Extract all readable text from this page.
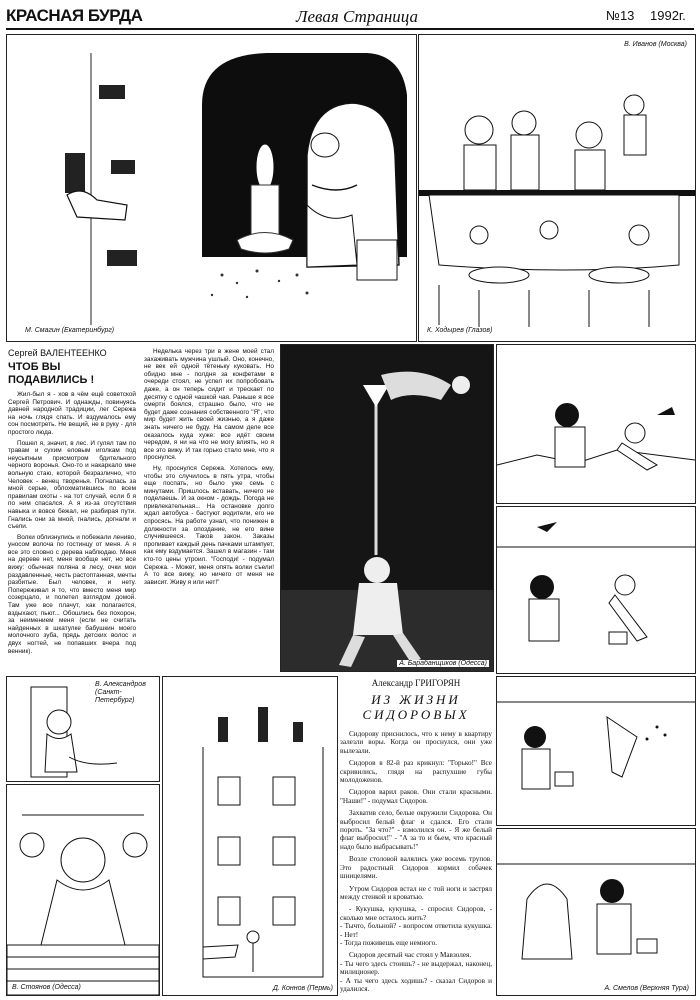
КРАСНАЯ БУРДА	Левая Страница	№13 1992г.
М. Смагин (Екатеринбург)
В. Иванов (Москва)
К. Ходырев (Глазов)
Сергей ВАЛЕНТЕЕНКО
ЧТОБ ВЫ ПОДАВИЛИСЬ !

Жил-был я - хов в чём ещё советской Сергей Петрович. И однажды, повинуясь давней народной традиции, лег Сережа на ночь глядя спать. И вздумалось ему сон посмотреть. Не вещий, не в руку - для простого люда.

Пошел я, значит, в лес. И гулял там по травам и сухим еловым иголкам под неусыпным присмотром бдительного черного воронья. Оно-то и накаркало мне вольную стаю, которой безразлично, что Человек - венец творенья. Погналась за мной серые, облохматившись по всем правилам охоты - на тот случай, если б я по ним спасался. А я из-за отсутствия навыка и вовсе бежал, не разбирая пути. Гнались они за мной, гнались, догнали и съели.

Волки облизнулись и побежали лениво, уносом волоча по гостинцу от меня. А я все это словно с дерева наблюдаю. Меня на дереве нет, меня вообще нет, но все вижу: обычная поляна в лесу, очки мои раздавленные, честь растоптанная, мечты разбитые. Был человек, и нету. Попереживал я то, что вместо меня мир созерцало, и полетел взглядом домой. Там уже все плачут, как полагается, вздыхают, пьют... Обошлись без похорон, за неимением меня (если не считать найденных в шкатулке бабушкин моего молочного зуба, прядь детских волос и двух ногтей, не попавших вчера под венник).

Неделька через три в жене моей стал захаживать мужчина ушлый. Оно, конечно, не век ей одной тётеньку куковать. Но обидно мне - полдня за конфетами в очереди стоял, не успел их попробовать даже, а он теперь сидит и трескает по десятку с одной чашкой чая. Раньше я все смерти боялся, страшно было, что не будет даже сознания собственного "Я", что мир будет жить своей жизнью, а я даже знать ничего не буду. На самом деле все оказалось куда хуже: все идёт своим чередом, я ни на что не могу влиять, но я все это вижу. И так горько стало мне, что я проснулся.

Ну, проснулся Сережа. Хотелось ему, чтобы это случилось в пять утра, чтобы еще поспать, но было уже семь с минутами. Пришлось вставать, ничего не поделаешь. И за окном - дождь. Погода не привлекательная... На остановке долго ждал автобуса - бастуют водители, его не спросясь. На работе узнал, что понижен в должности за опоздание, не его вине случившееся. Таков закон. Заказы пропивает каждый день пачками штампует, как ему вздумается. Зашел в магазин - там кто-то цены утроил. "Господи! - подумал Сережа. - Может, меня опять волки съели! А то все вижу, но ничего от меня не зависит. Живу я или нет!"

А. Барабанщиков (Одесса)
А. Смелов (Верхняя Тура)
В. Александров (Санкт-Петербург)
В. Стоянов (Одесса)	Д. Коннов (Пермь)
Александр ГРИГОРЯН
ИЗ ЖИЗНИ СИДОРОВЫХ

Сидорову приснилось, что к нему в квартиру залезли воры. Когда он проснулся, они уже вылезали.

Сидоров в 82-й раз крикнул: "Горько!" Все скривились, глядя на распухшие губы молодоженов.

Сидоров варил раков. Они стали красными. "Наши!" - подумал Сидоров.

Захватив село, белые окружили Сидорова. Он выбросил белый флаг и сдался. Его стали пороть. "За что?" - взмолился он. - Я же белый флаг выбросил!" - "А за то и бьем, что красный надо было выбрасывать!"

Возле столовой валялись уже восемь трупов. Это радостный Сидоров кормил собачек шницелями.

Утром Сидоров встал не с той ноги и застрял между стенкой и кроватью.

- Кукушка, кукушка, - спросил Сидоров, - сколько мне осталось жить?
- Тычто, больной? - вопросом ответила кукушка. - Нет!
- Тогда поживешь еще немного.

Сидоров десятый час стоял у Мавзолея.
- Ты чего здесь стоишь? - не выдержал, наконец, милиционер.
- А ты чего здесь ходишь? - сказал Сидоров и удалился.
